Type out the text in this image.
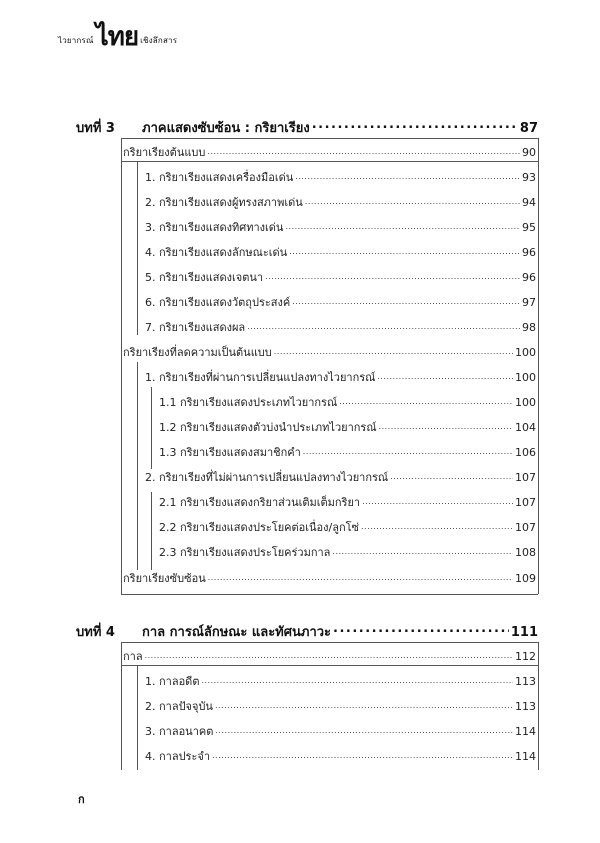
ไวยากรณ์ ไทย เชิงลึกสาร
บทที่ 3 ภาคแสดงซับซ้อน : กริยาเรียง .....	87
กริยาเรียงต้นแบบ .....	90
1. กริยาเรียงแสดงเครื่องมือเด่น .....	93
2. กริยาเรียงแสดงผู้ทรงสภาพเด่น .....	94
3. กริยาเรียงแสดงทิศทางเด่น .....	95
4. กริยาเรียงแสดงลักษณะเด่น .....	96
5. กริยาเรียงแสดงเจตนา .....	96
6. กริยาเรียงแสดงวัตถุประสงค์ .....	97
7. กริยาเรียงแสดงผล .....	98
กริยาเรียงที่ลดความเป็นต้นแบบ .....	100
1. กริยาเรียงที่ผ่านการเปลี่ยนแปลงทางไวยากรณ์ .....	100
1.1 กริยาเรียงแสดงประเภทไวยากรณ์ .....	100
1.2 กริยาเรียงแสดงตัวบ่งนำประเภทไวยากรณ์ .....	104
1.3 กริยาเรียงแสดงสมาชิกคำ .....	106
2. กริยาเรียงที่ไม่ผ่านการเปลี่ยนแปลงทางไวยากรณ์ .....	107
2.1 กริยาเรียงแสดงกริยาส่วนเติมเต็มกริยา .....	107
2.2 กริยาเรียงแสดงประโยคต่อเนื่อง/ลูกโซ่ .....	107
2.3 กริยาเรียงแสดงประโยคร่วมกาล .....	108
กริยาเรียงซับซ้อน .....	109
บทที่ 4 กาล การณ์ลักษณะ และทัศนภาวะ .....	111
กาล .....	112
1. กาลอดีต .....	113
2. กาลปัจจุบัน .....	113
3. กาลอนาคต .....	114
4. กาลประจำ .....	114
ก
